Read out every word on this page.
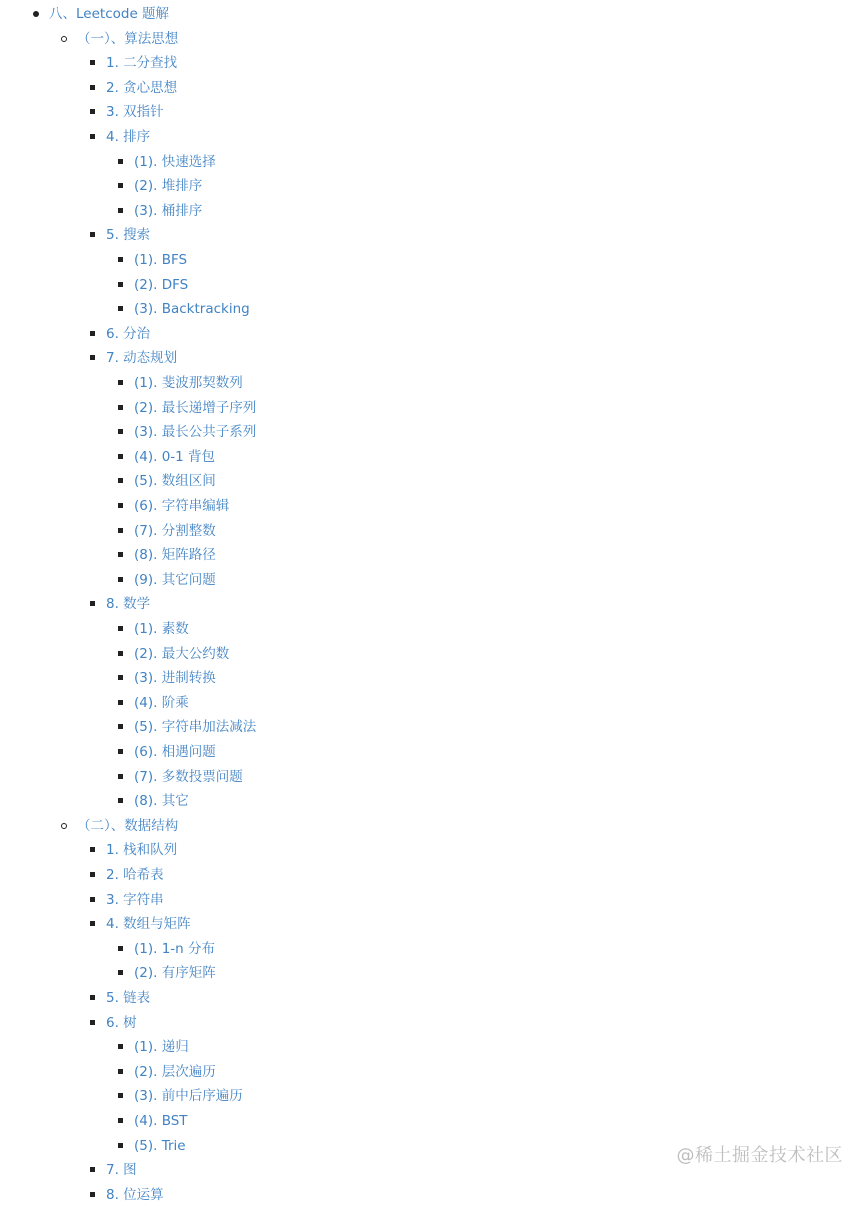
八、Leetcode 题解
（一）、算法思想
1. 二分查找
2. 贪心思想
3. 双指针
4. 排序
(1). 快速选择
(2). 堆排序
(3). 桶排序
5. 搜索
(1). BFS
(2). DFS
(3). Backtracking
6. 分治
7. 动态规划
(1). 斐波那契数列
(2). 最长递增子序列
(3). 最长公共子系列
(4). 0-1 背包
(5). 数组区间
(6). 字符串编辑
(7). 分割整数
(8). 矩阵路径
(9). 其它问题
8. 数学
(1). 素数
(2). 最大公约数
(3). 进制转换
(4). 阶乘
(5). 字符串加法减法
(6). 相遇问题
(7). 多数投票问题
(8). 其它
（二）、数据结构
1. 栈和队列
2. 哈希表
3. 字符串
4. 数组与矩阵
(1). 1-n 分布
(2). 有序矩阵
5. 链表
6. 树
(1). 递归
(2). 层次遍历
(3). 前中后序遍历
(4). BST
(5). Trie
7. 图
8. 位运算
@稀土掘金技术社区
